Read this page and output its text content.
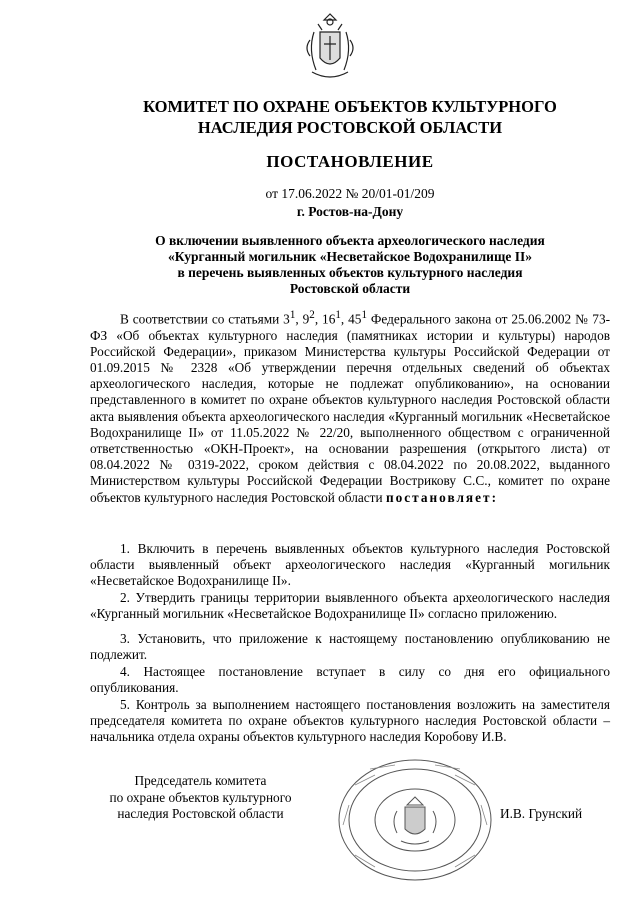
КОМИТЕТ ПО ОХРАНЕ ОБЪЕКТОВ КУЛЬТУРНОГО
НАСЛЕДИЯ РОСТОВСКОЙ ОБЛАСТИ
ПОСТАНОВЛЕНИЕ
от 17.06.2022 № 20/01-01/209
г. Ростов-на-Дону
О включении выявленного объекта археологического наследия
«Курганный могильник «Несветайское Водохранилище II»
в перечень выявленных объектов культурного наследия
Ростовской области
В соответствии со статьями $3^1$, $9^2$, $16^1$, $45^1$ Федерального закона от 25.06.2002 № 73-ФЗ «Об объектах культурного наследия (памятниках истории и культуры) народов Российской Федерации», приказом Министерства культуры Российской Федерации от 01.09.2015 № 2328 «Об утверждении перечня отдельных сведений об объектах археологического наследия, которые не подлежат опубликованию», на основании представленного в комитет по охране объектов культурного наследия Ростовской области акта выявления объекта археологического наследия «Курганный могильник «Несветайское Водохранилище II» от 11.05.2022 № 22/20, выполненного обществом с ограниченной ответственностью «ОКН-Проект», на основании разрешения (открытого листа) от 08.04.2022 № 0319-2022, сроком действия с 08.04.2022 по 20.08.2022, выданного Министерством культуры Российской Федерации Вострикову С.С., комитет по охране объектов культурного наследия Ростовской области постановляет:
1. Включить в перечень выявленных объектов культурного наследия Ростовской области выявленный объект археологического наследия «Курганный могильник «Несветайское Водохранилище II».
2. Утвердить границы территории выявленного объекта археологического наследия «Курганный могильник «Несветайское Водохранилище II» согласно приложению.
3. Установить, что приложение к настоящему постановлению опубликованию не подлежит.
4. Настоящее постановление вступает в силу со дня его официального опубликования.
5. Контроль за выполнением настоящего постановления возложить на заместителя председателя комитета по охране объектов культурного наследия Ростовской области – начальника отдела охраны объектов культурного наследия Коробову И.В.
Председатель комитета
по охране объектов культурного
наследия Ростовской области	И.В. Грунский
